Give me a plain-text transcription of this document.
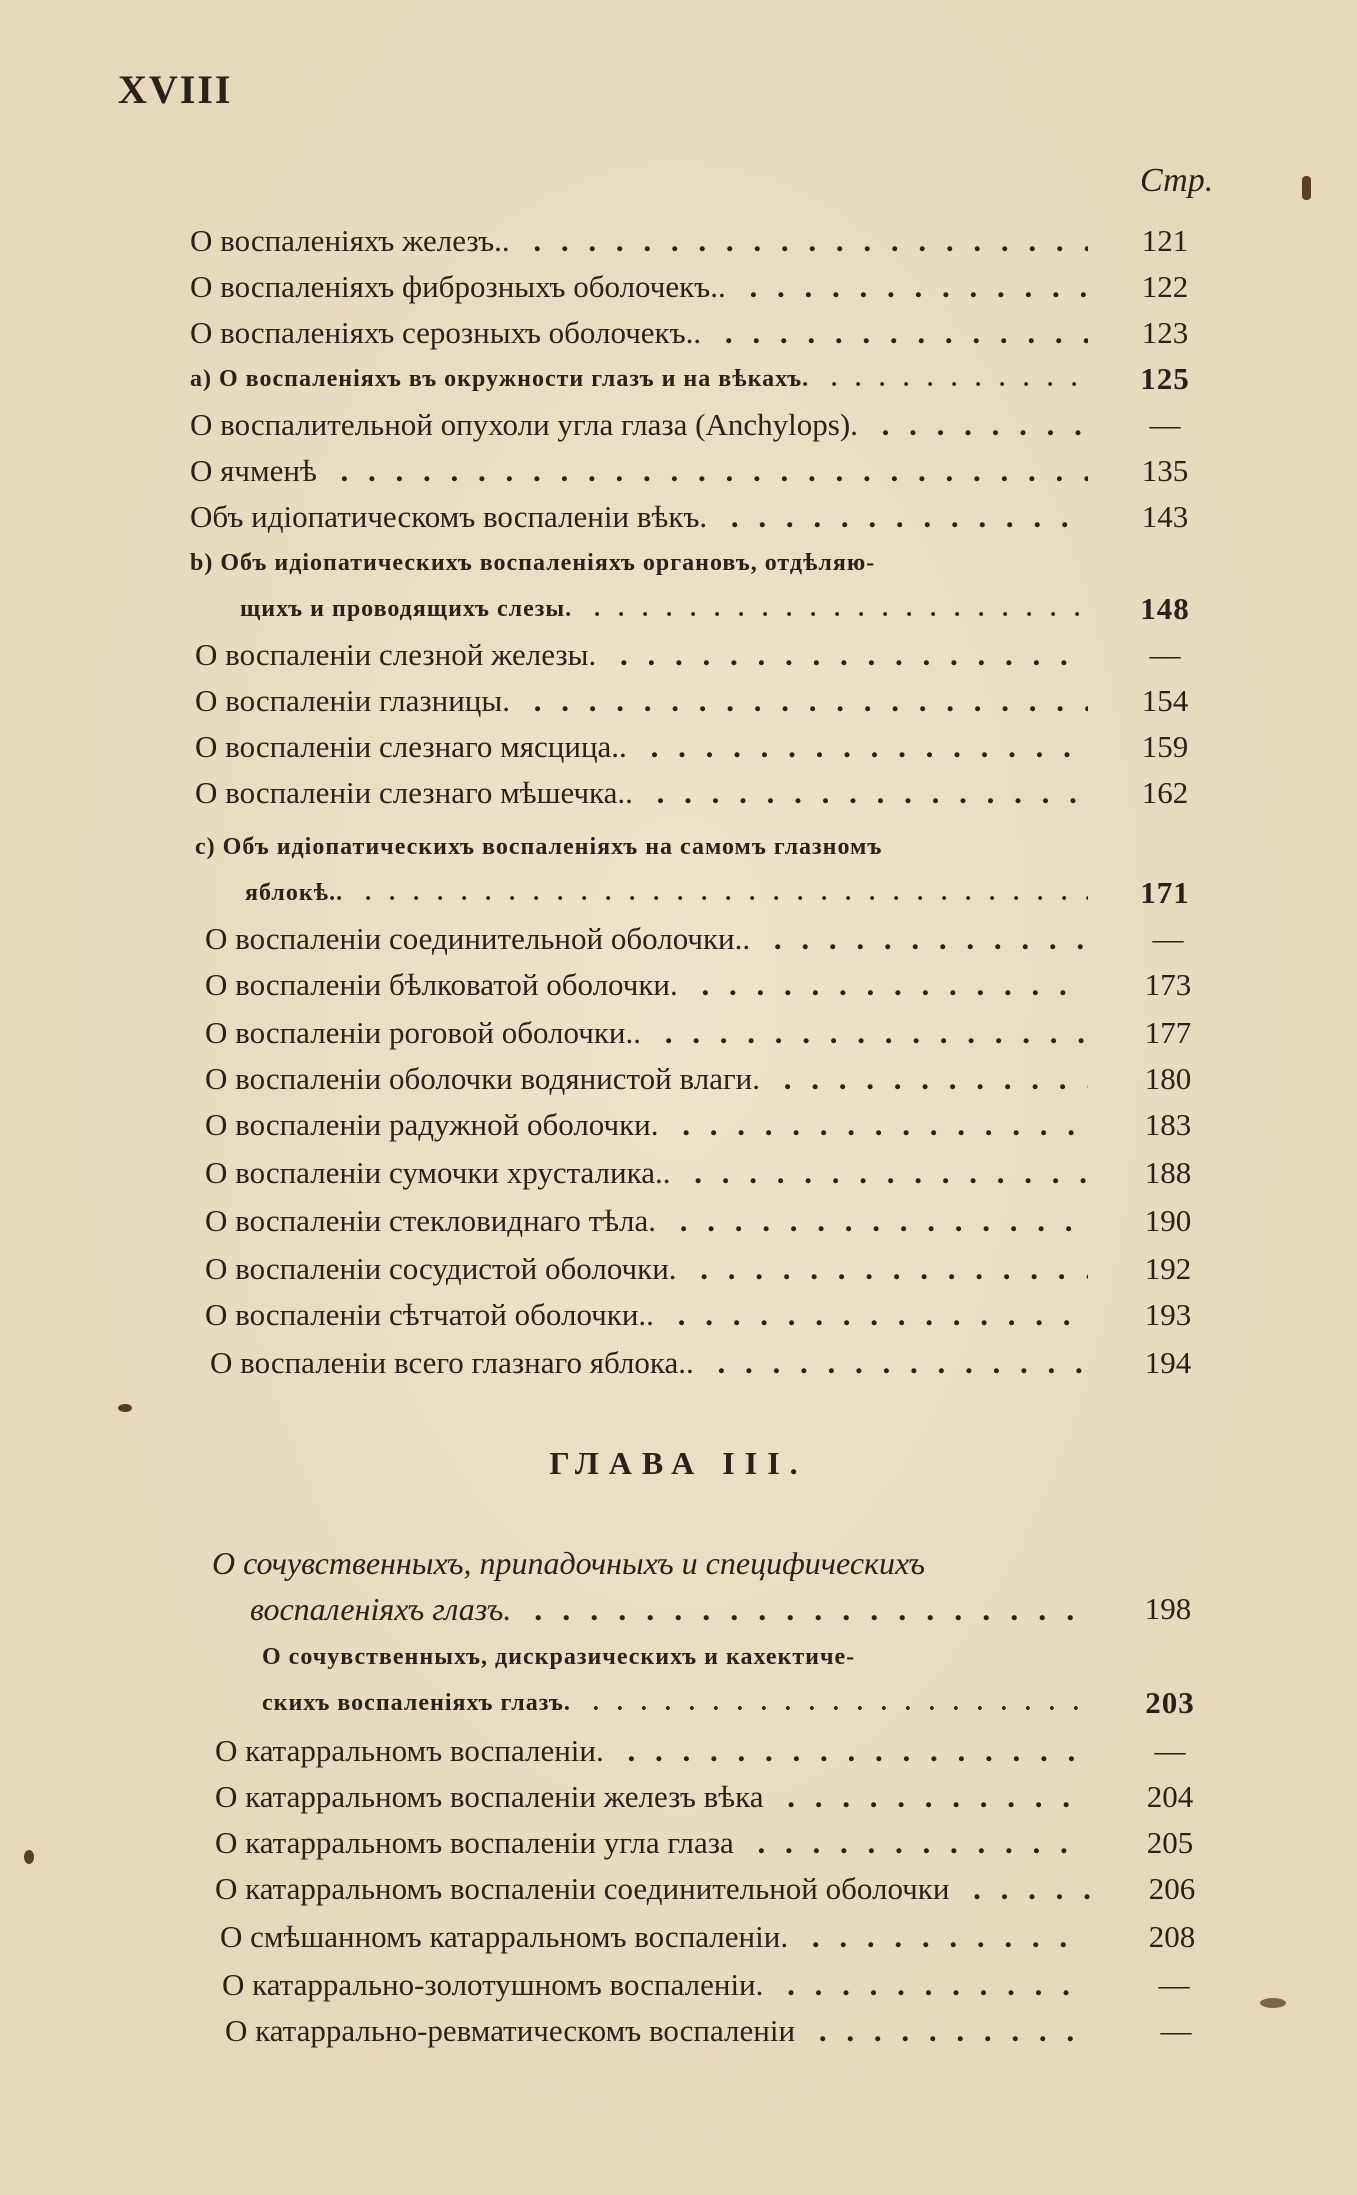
XVIII
Стр.
О воспаленiяхъ железъ.. . . .	121
О воспаленiяхъ фиброзныхъ оболочекъ.. . . .	122
О воспаленiяхъ серозныхъ оболочекъ.. . . .	123
а) О воспаленiяхъ въ окружности глазъ и на вѣкахъ. . . .	125
О воспалительной опухоли угла глаза (Anchylops). . . .	—
О ячменѣ . . .	135
Объ идiопатическомъ воспаленiи вѣкъ. . . .	143
b) Объ идiопатическихъ воспаленiяхъ органовъ, отдѣляю-
щихъ и проводящихъ слезы. . . .	148
О воспаленiи слезной железы. . . .	—
О воспаленiи глазницы. . . .	154
О воспаленiи слезнаго мясцица.. . . .	159
О воспаленiи слезнаго мѣшечка.. . . .	162
с) Объ идiопатическихъ воспаленiяхъ на самомъ глазномъ
яблокѣ.. . . .	171
О воспаленiи соединительной оболочки.. . . .	—
О воспаленiи бѣлковатой оболочки. . . .	173
О воспаленiи роговой оболочки.. . . .	177
О воспаленiи оболочки водянистой влаги. . . .	180
О воспаленiи радужной оболочки. . . .	183
О воспаленiи сумочки хрусталика.. . . .	188
О воспаленiи стекловиднаго тѣла. . . .	190
О воспаленiи сосудистой оболочки. . . .	192
О воспаленiи сѣтчатой оболочки.. . . .	193
О воспаленiи всего глазнаго яблока.. . . .	194
ГЛАВА III.
О сочувственныхъ, припадочныхъ и специфическихъ
воспаленiяхъ глазъ. . . .	198
О сочувственныхъ, дискразическихъ и кахектиче-
скихъ воспаленiяхъ глазъ. . . .	203
О катарральномъ воспаленiи. . . .	—
О катарральномъ воспаленiи железъ вѣка . . .	204
О катарральномъ воспаленiи угла глаза . . .	205
О катарральномъ воспаленiи соединительной оболочки . . .	206
О смѣшанномъ катарральномъ воспаленiи. . . .	208
О катаррально-золотушномъ воспаленiи. . . .	—
О катаррально-ревматическомъ воспаленiи . . .	—
